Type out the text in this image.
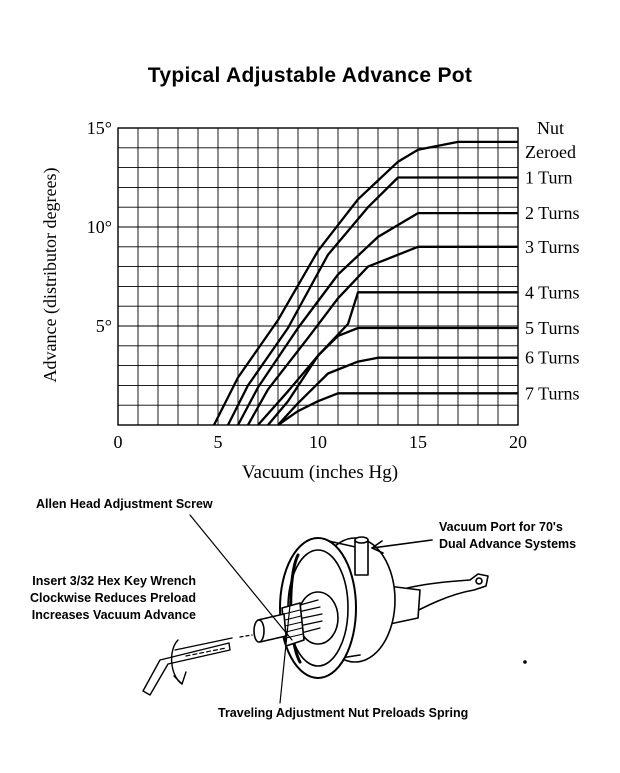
Typical Adjustable Advance Pot
0	5	10	15	20
5°
10°
15°	Nut
Zeroed
1 Turn
2 Turns
3 Turns
4 Turns
5 Turns
6 Turns
7 Turns
Vacuum (inches Hg)
Advance (distributor degrees)
Allen Head Adjustment Screw
Vacuum Port for 70's
Dual Advance Systems
Insert 3/32 Hex Key Wrench
Clockwise Reduces Preload
Increases Vacuum Advance
Traveling Adjustment Nut Preloads Spring
